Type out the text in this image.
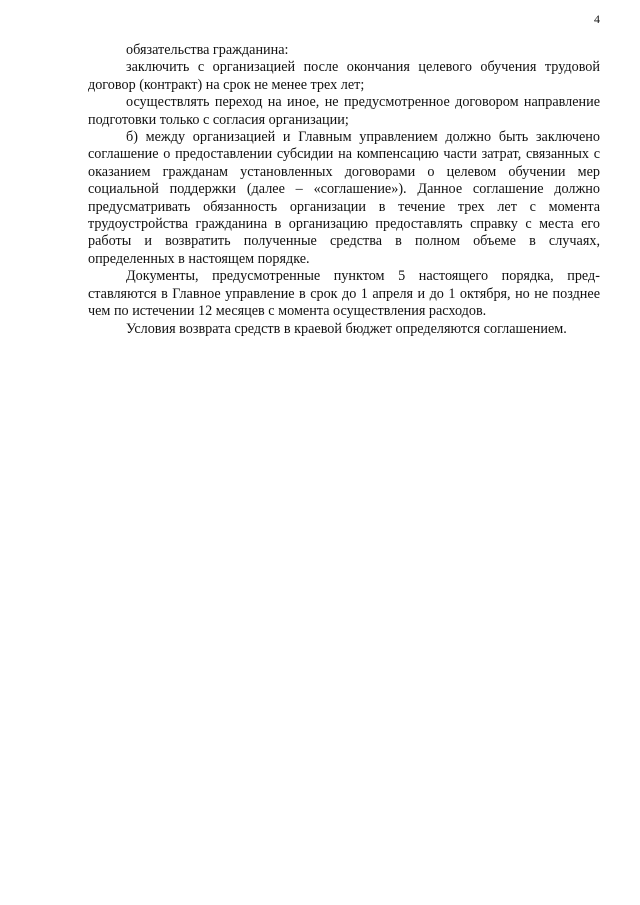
4

обязательства гражданина:

заключить с организацией после окончания целевого обучения трудовой договор (контракт) на срок не менее трех лет;

осуществлять переход на иное, не предусмотренное договором направление подготовки только с согласия организации;

б) между организацией и Главным управлением должно быть заключено соглашение о предоставлении субсидии на компенсацию части затрат, связанных с оказанием гражданам установленных договорами о целевом обучении мер социальной поддержки (далее – «соглашение»). Данное соглашение должно предусматривать обязанность организации в течение трех лет с момента трудоустройства гражданина в организацию предоставлять справку с места его работы и возвратить полученные средства в полном объеме в случаях, определенных в настоящем порядке.

Документы, предусмотренные пунктом 5 настоящего порядка, представляются в Главное управление в срок до 1 апреля и до 1 октября, но не позднее чем по истечении 12 месяцев с момента осуществления расходов.

Условия возврата средств в краевой бюджет определяются соглашением.
